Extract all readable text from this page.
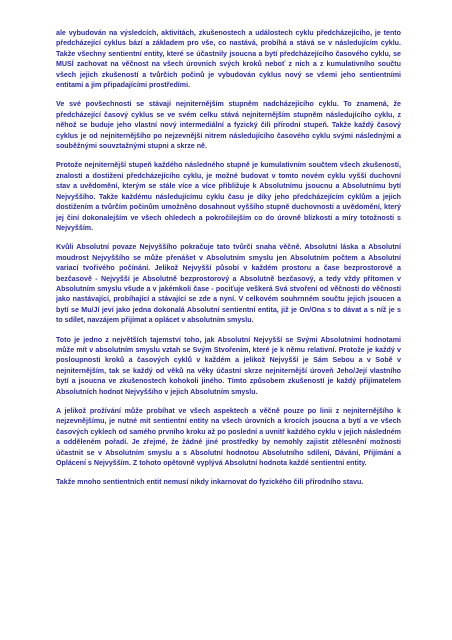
ale vybudován na výsledcích, aktivitách, zkušenostech a událostech cyklu předcházejícího, je tento předcházející cyklus bází a základem pro vše, co nastává, probíhá a stává se v následujícím cyklu. Takže všechny sentientní entity, které se účastnily jsoucna a bytí předcházejícího časového cyklu, se MUSÍ zachovat na věčnost na všech úrovních svých kroků neboť z nich a z kumulativního součtu všech jejich zkušeností a tvůrčích počinů je vybudován cyklus nový se všemi jeho sentientními entitami a jim připadajícími prostředími.

Ve své povšechnosti se stávají nejniternějším stupněm nadcházejícího cyklu. To znamená, že předcházející časový cyklus se ve svém celku stává nejniternějším stupněm následujícího cyklu, z něhož se buduje jeho vlastní nový intermediální a fyzický čili přírodní stupeň. Takže každý časový cyklus je od nejniternějšího po nejzevnější nitrem následujícího časového cyklu svými následnými a souběžnými souvztažnými stupni a skrze ně.

Protože nejniternější stupeň každého následného stupně je kumulativním součtem všech zkušeností, znalostí a dostižení předcházejícího cyklu, je možné budovat v tomto novém cyklu vyšší duchovní stav a uvědomění, kterým se stále více a více přibližuje k Absolutnímu jsoucnu a Absolutnímu bytí Nejvyššího. Takže každému následujícímu cyklu času je díky jeho předcházejícím cyklům a jejich dostižením a tvůrčím počinům umožněno dosahnout vyššího stupně duchovnosti a uvědomění, který jej činí dokonalejším ve všech ohledech a pokročilejším co do úrovně blízkosti a míry totožnosti s Nejvyšším.

Kvůli Absolutní povaze Nejvyššího pokračuje tato tvůrčí snaha věčně. Absolutní láska a Absolutní moudrost Nejvyššího se může přenášet v Absolutním smyslu jen Absolutním počtem a Absolutní variací tvořivého počínání. Jelikož Nejvyšší působí v každém prostoru a čase bezprostorově a bezčasově - Nejvyšší je Absolutně bezprostorový a Absolutně bezčasový, a tedy vždy přítomen v Absolutním smyslu všude a v jakémkoli čase - pociťuje veškerá Svá stvoření od věčnosti do věčnosti jako nastávající, probíhající a stávající se zde a nyní. V celkovém souhrnném součtu jejich jsoucen a bytí se Mu/Jí jeví jako jedna dokonalá Absolutní sentientní entita, již je On/Ona s to dávat a s níž je s to sdílet, navzájem přijímat a oplácet v absolutním smyslu.

Toto je jedno z největších tajemství toho, jak Absolutní Nejvyšší se Svými Absolutními hodnotami může mít v absolutním smyslu vztah se Svým Stvořením, které je k němu relativní. Protože je každý v posloupnosti kroků a časových cyklů v každém a jelikož Nejvyšší je Sám Sebou a v Sobě v nejniternějším, tak se každý od věků na věky účastní skrze nejniternější úroveň Jeho/Její vlastního bytí a jsoucna ve zkušenostech kohokoli jiného. Tímto způsobem zkušeností je každý přijímatelem Absolutních hodnot Nejvyššího v jejich Absolutním smyslu.

A jelikož prožívání může probíhat ve všech aspektech a věčně pouze po linii z nejniternějšího k nejzevnějšímu, je nutné mít sentientní entity na všech úrovních a krocích jsoucna a bytí a ve všech časových cyklech od samého prvního kroku až po poslední a uvnitř každého cyklu v jejich následném a odděleném pořadí. Je zřejmé, že žádné jiné prostředky by nemohly zajistit ztělesnění možnosti účastnit se v Absolutním smyslu a s Absolutní hodnotou Absolutního sdílení, Dávání, Přijímání a Oplácení s Nejvyšším. Z tohoto opětovně vyplývá Absolutní hodnota každé sentientní entity.

Takže mnoho sentientních entit nemusí nikdy inkarnovat do fyzického čili přírodního stavu.
